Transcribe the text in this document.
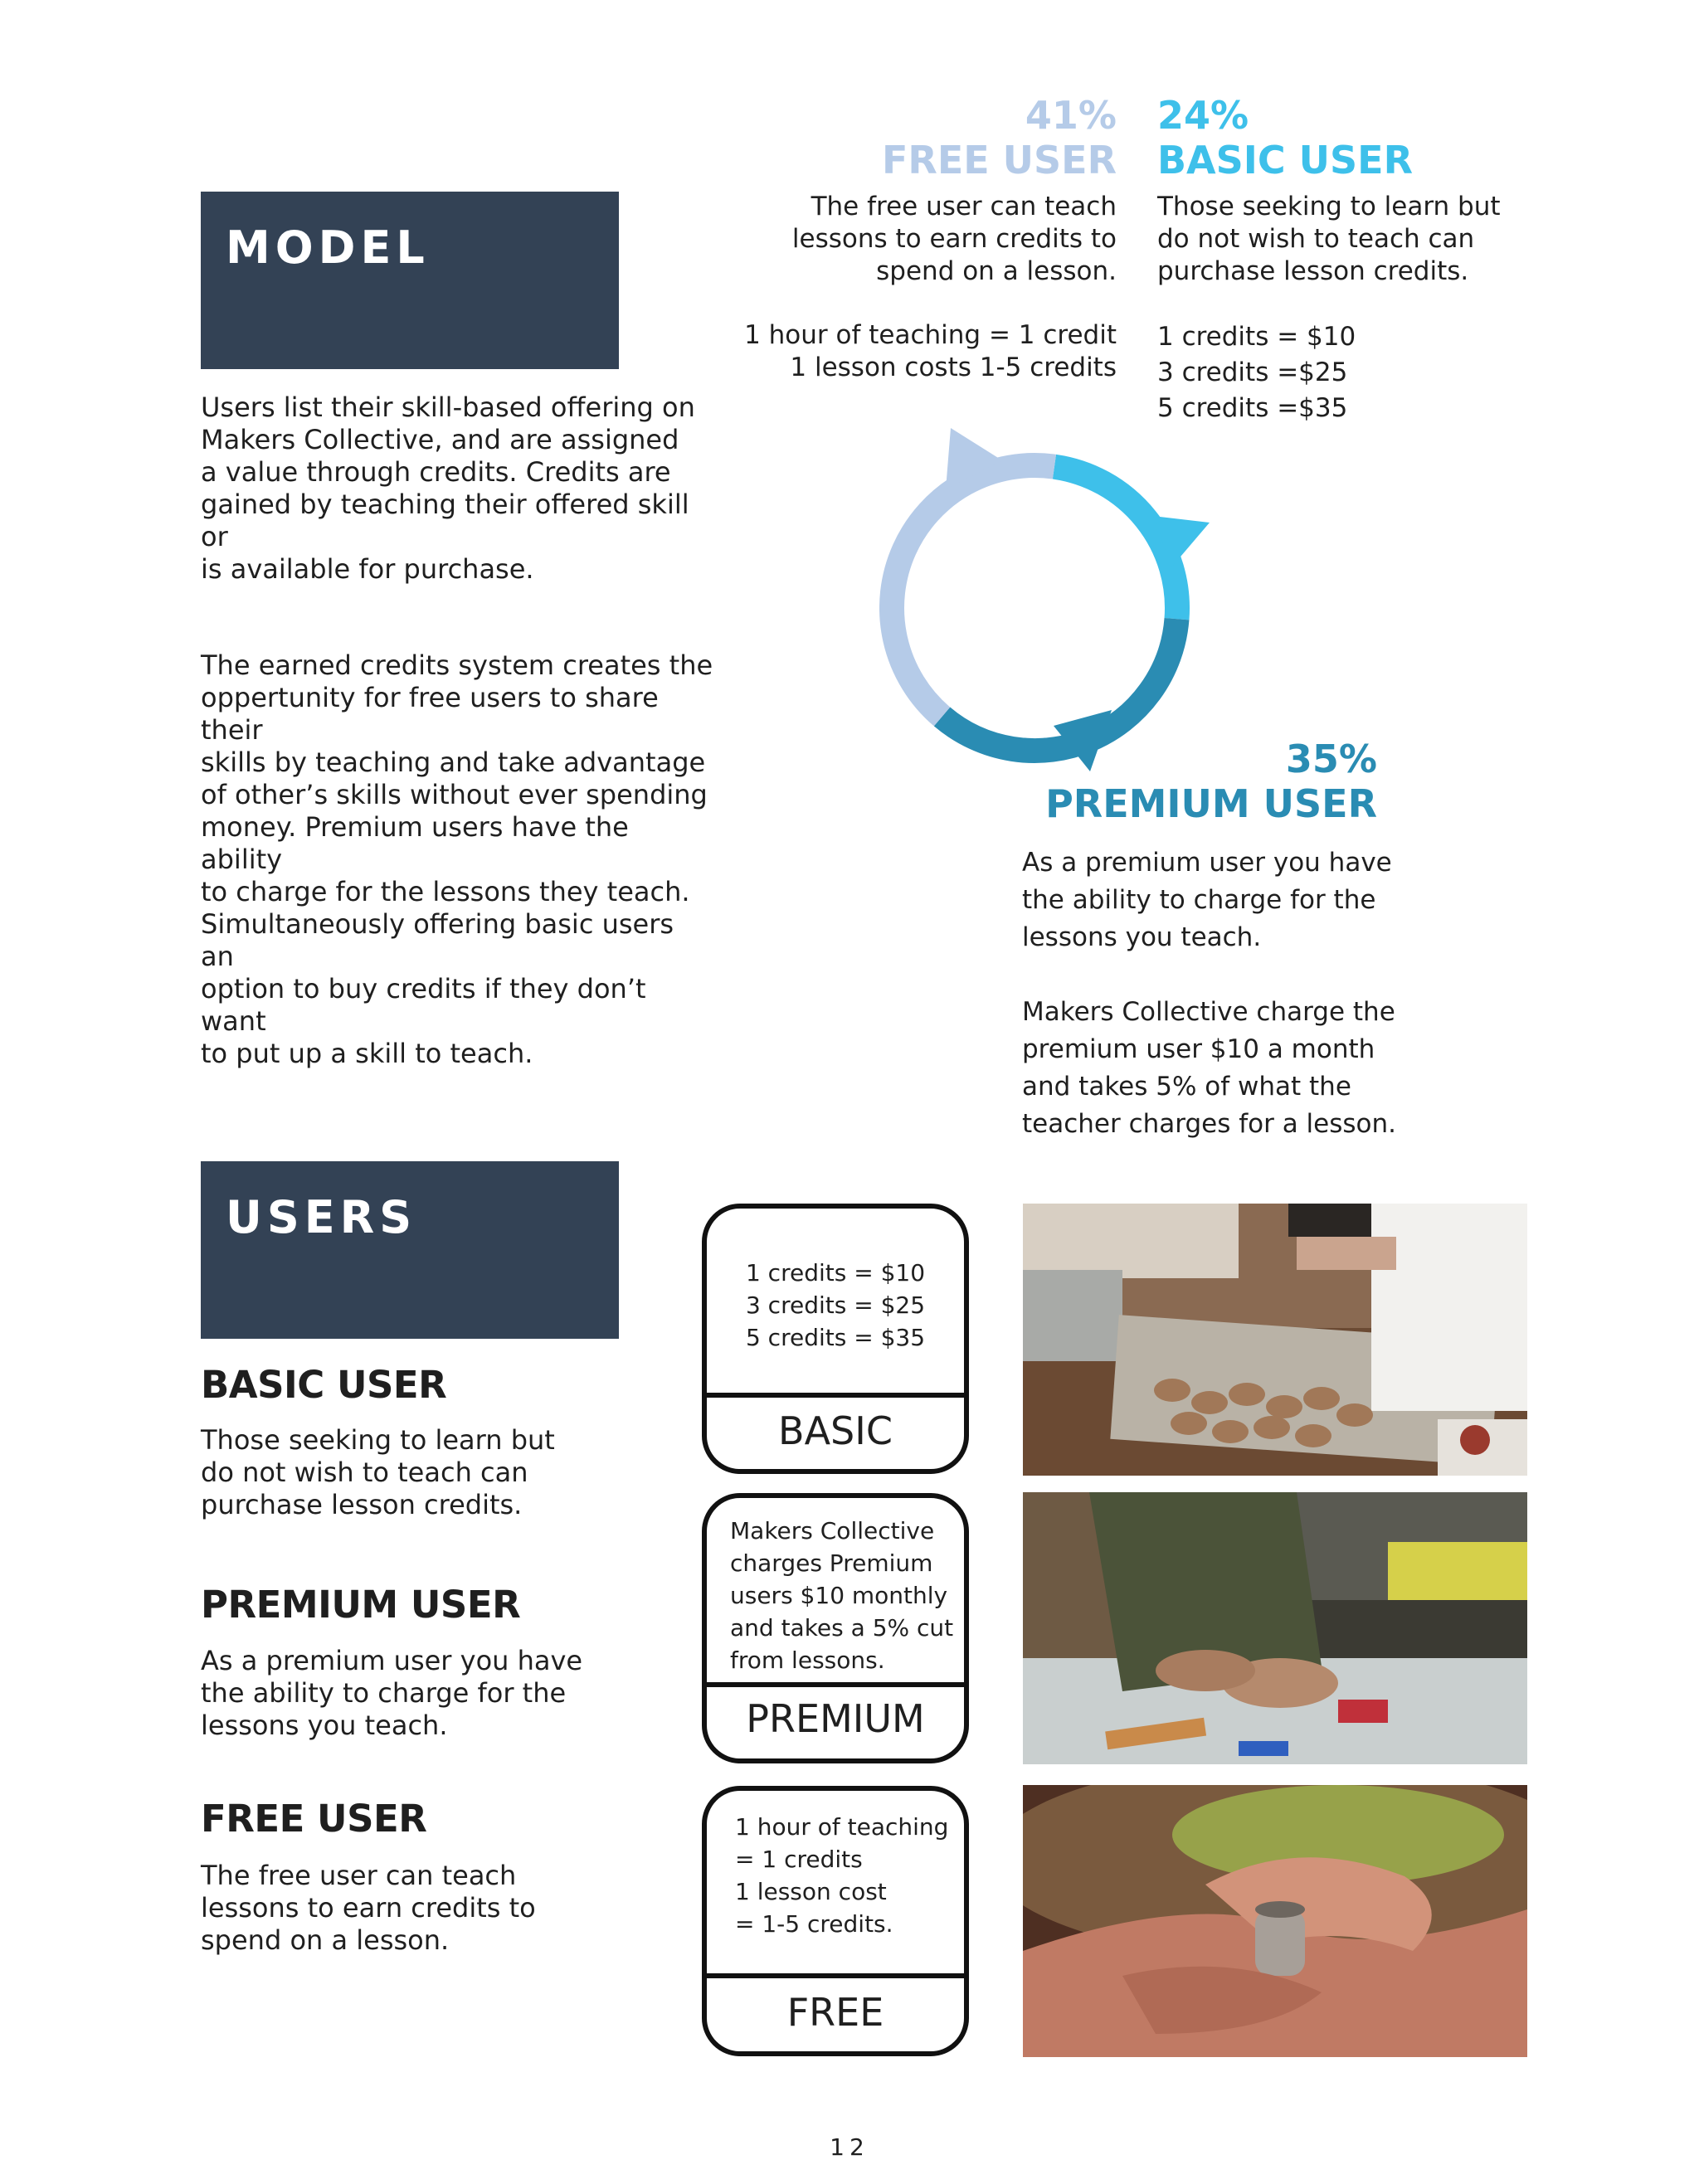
MODEL
Users list their skill-based offering on
Makers Collective, and are assigned
a value through credits. Credits are
gained by teaching their offered skill or
is available for purchase.
The earned credits system creates the
oppertunity for free users to share their
skills by teaching and take advantage
of other’s skills without ever spending
money. Premium users have the ability
to charge for the lessons they teach.
Simultaneously offering basic users an
option to buy credits if they don’t want
to put up a skill to teach.
41%
FREE USER
The free user can teach
lessons to earn credits to
spend on a lesson.
1 hour of teaching = 1 credit
1 lesson costs 1-5 credits
24%
BASIC USER
Those seeking to learn but
do not wish to teach can
purchase lesson credits.
1 credits = $10
3 credits =$25
5 credits =$35
35%
PREMIUM USER
As a premium user you have
the ability to charge for the
lessons you teach.
Makers Collective charge the
premium user $10 a month
and takes 5% of what the
teacher charges for a lesson.
USERS
BASIC USER
Those seeking to learn but
do not wish to teach can
purchase lesson credits.
PREMIUM USER
As a premium user you have
the ability to charge for the
lessons you teach.
FREE USER
The free user can teach
lessons to earn credits to
spend on a lesson.
1 credits = $10
3 credits = $25
5 credits = $35
BASIC
Makers Collective
charges Premium
users $10 monthly
and takes a 5% cut
from lessons.
PREMIUM
1 hour of teaching
= 1 credits
1 lesson cost
= 1-5 credits.
FREE
12
